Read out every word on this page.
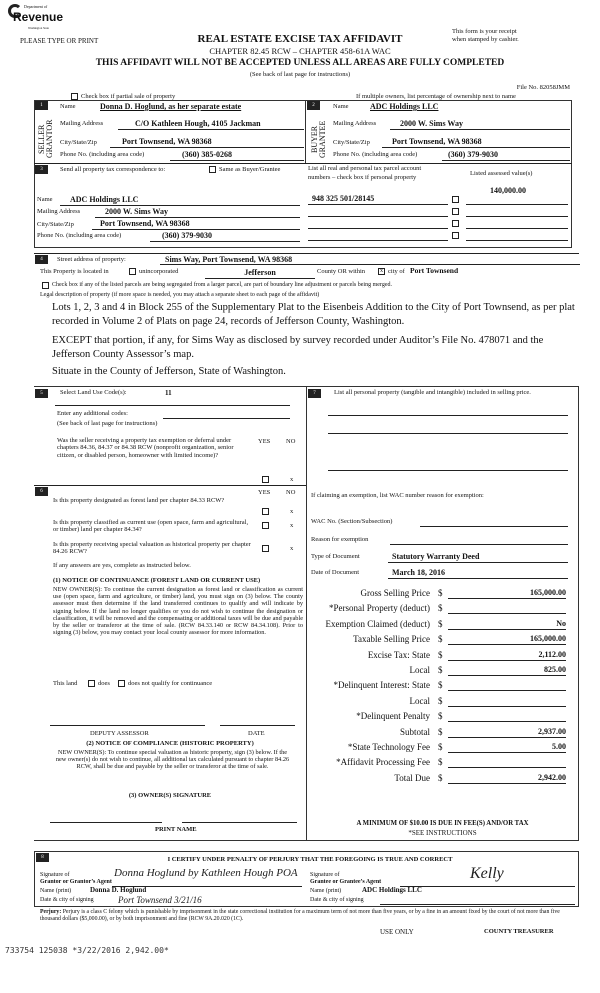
Department of
Revenue
Washington State
PLEASE TYPE OR PRINT	REAL ESTATE EXCISE TAX AFFIDAVIT
CHAPTER 82.45 RCW – CHAPTER 458-61A WAC
THIS AFFIDAVIT WILL NOT BE ACCEPTED UNLESS ALL AREAS ARE FULLY COMPLETED
(See back of last page for instructions)
This form is your receipt
when stamped by cashier.
File No. 82058JMM
Check box if partial sale of property	If multiple owners, list percentage of ownership next to name
1
SELLER GRANTOR
Name	Donna D. Hoglund, as her separate estate
Mailing Address	C/O Kathleen Hough, 4105 Jackman
City/State/Zip	Port Townsend, WA 98368
Phone No. (including area code)	(360) 385-0268
2
BUYER GRANTEE
Name	ADC Holdings LLC
Mailing Address	2000 W. Sims Way
City/State/Zip	Port Townsend, WA 98368
Phone No. (including area code)	(360) 379-9030
3	Send all property tax correspondence to:	Same as Buyer/Grantee
Name ADC Holdings LLC
Mailing Address	2000 W. Sims Way
City/State/Zip	Port Townsend, WA 98368
Phone No. (including area code)	(360) 379-9030
List all real and personal tax parcel account
numbers – check box if personal property
Listed assessed value(s)
948 325 501/28145
140,000.00
4	Street address of property:	Sims Way, Port Townsend, WA 98368
This Property is located in	unincorporated	Jefferson	County OR within	x city of Port Townsend
Check box if any of the listed parcels are being segregated from a larger parcel, are part of boundary line adjustment or parcels being merged.
Legal description of property (if more space is needed, you may attach a separate sheet to each page of the affidavit)
Lots 1, 2, 3 and 4 in Block 255 of the Supplementary Plat to the Eisenbeis Addition to the City of Port Townsend, as per plat recorded in Volume 2 of Plats on page 24, records of Jefferson County, Washington.
EXCEPT that portion, if any, for Sims Way as disclosed by survey recorded under Auditor’s File No. 478071 and the Jefferson County Assessor’s map.
Situate in the County of Jefferson, State of Washington.
5	Select Land Use Code(s):	11
Enter any additional codes:
(See back of last page for instructions)
Was the seller receiving a property tax exemption or deferral under chapters 84.36, 84.37 or 84.38 RCW (nonprofit organization, senior citizen, or disabled person, homeowner with limited income)?
YES NO
x
6	YES NO
Is this property designated as forest land per chapter 84.33 RCW?
x
Is this property classified as current use (open space, farm and agricultural, or timber) land per chapter 84.34?
x
Is this property receiving special valuation as historical property per chapter 84.26 RCW?	x
If any answers are yes, complete as instructed below.
(1) NOTICE OF CONTINUANCE (FOREST LAND OR CURRENT USE)
NEW OWNER(S): To continue the current designation as forest land or classification as current use (open space, farm and agriculture, or timber) land, you must sign on (3) below. The county assessor must then determine if the land transferred continues to qualify and will indicate by signing below. If the land no longer qualifies or you do not wish to continue the designation or classification, it will be removed and the compensating or additional taxes will be due and payable by the seller or transferor at the time of sale. (RCW 84.33.140 or RCW 84.34.108). Prior to signing (3) below, you may contact your local county assessor for more information.
This land	does	does not qualify for continuance
DEPUTY ASSESSOR	DATE
(2) NOTICE OF COMPLIANCE (HISTORIC PROPERTY)
NEW OWNER(S): To continue special valuation as historic property, sign (3) below. If the new owner(s) do not wish to continue, all additional tax calculated pursuant to chapter 84.26 RCW, shall be due and payable by the seller or transferor at the time of sale.
(3) OWNER(S) SIGNATURE
PRINT NAME
7	List all personal property (tangible and intangible) included in selling price.
If claiming an exemption, list WAC number reason for exemption:
WAC No. (Section/Subsection)
Reason for exemption
Type of Document	Statutory Warranty Deed
Date of Document	March 18, 2016
Gross Selling Price $	165,000.00
*Personal Property (deduct) $
Exemption Claimed (deduct) $	No
Taxable Selling Price $	165,000.00
Excise Tax: State $	2,112.00
Local $	825.00
*Delinquent Interest: State $
Local $
*Delinquent Penalty $
Subtotal $	2,937.00
*State Technology Fee $	5.00
*Affidavit Processing Fee $
Total Due $	2,942.00
A MINIMUM OF $10.00 IS DUE IN FEE(S) AND/OR TAX
*SEE INSTRUCTIONS
8	I CERTIFY UNDER PENALTY OF PERJURY THAT THE FOREGOING IS TRUE AND CORRECT
Signature of
Grantor or Grantor’s Agent
Donna Hoglund by Kathleen Hough POA
Name (print)	Donna D. Hoglund
Date & city of signing	Port Townsend 3/21/16
Signature of
Grantee or Grantee’s Agent	Kelly
Name (print)	ADC Holdings LLC
Date & city of signing
Perjury: Perjury is a class C felony which is punishable by imprisonment in the state correctional institution for a maximum term of not more than five years, or by a fine in an amount fixed by the court of not more than five thousand dollars ($5,000.00), or by both imprisonment and fine (RCW 9A.20.020 (1C).
USE ONLY	COUNTY TREASURER
733754 125038 *3/22/2016 2,942.00*
